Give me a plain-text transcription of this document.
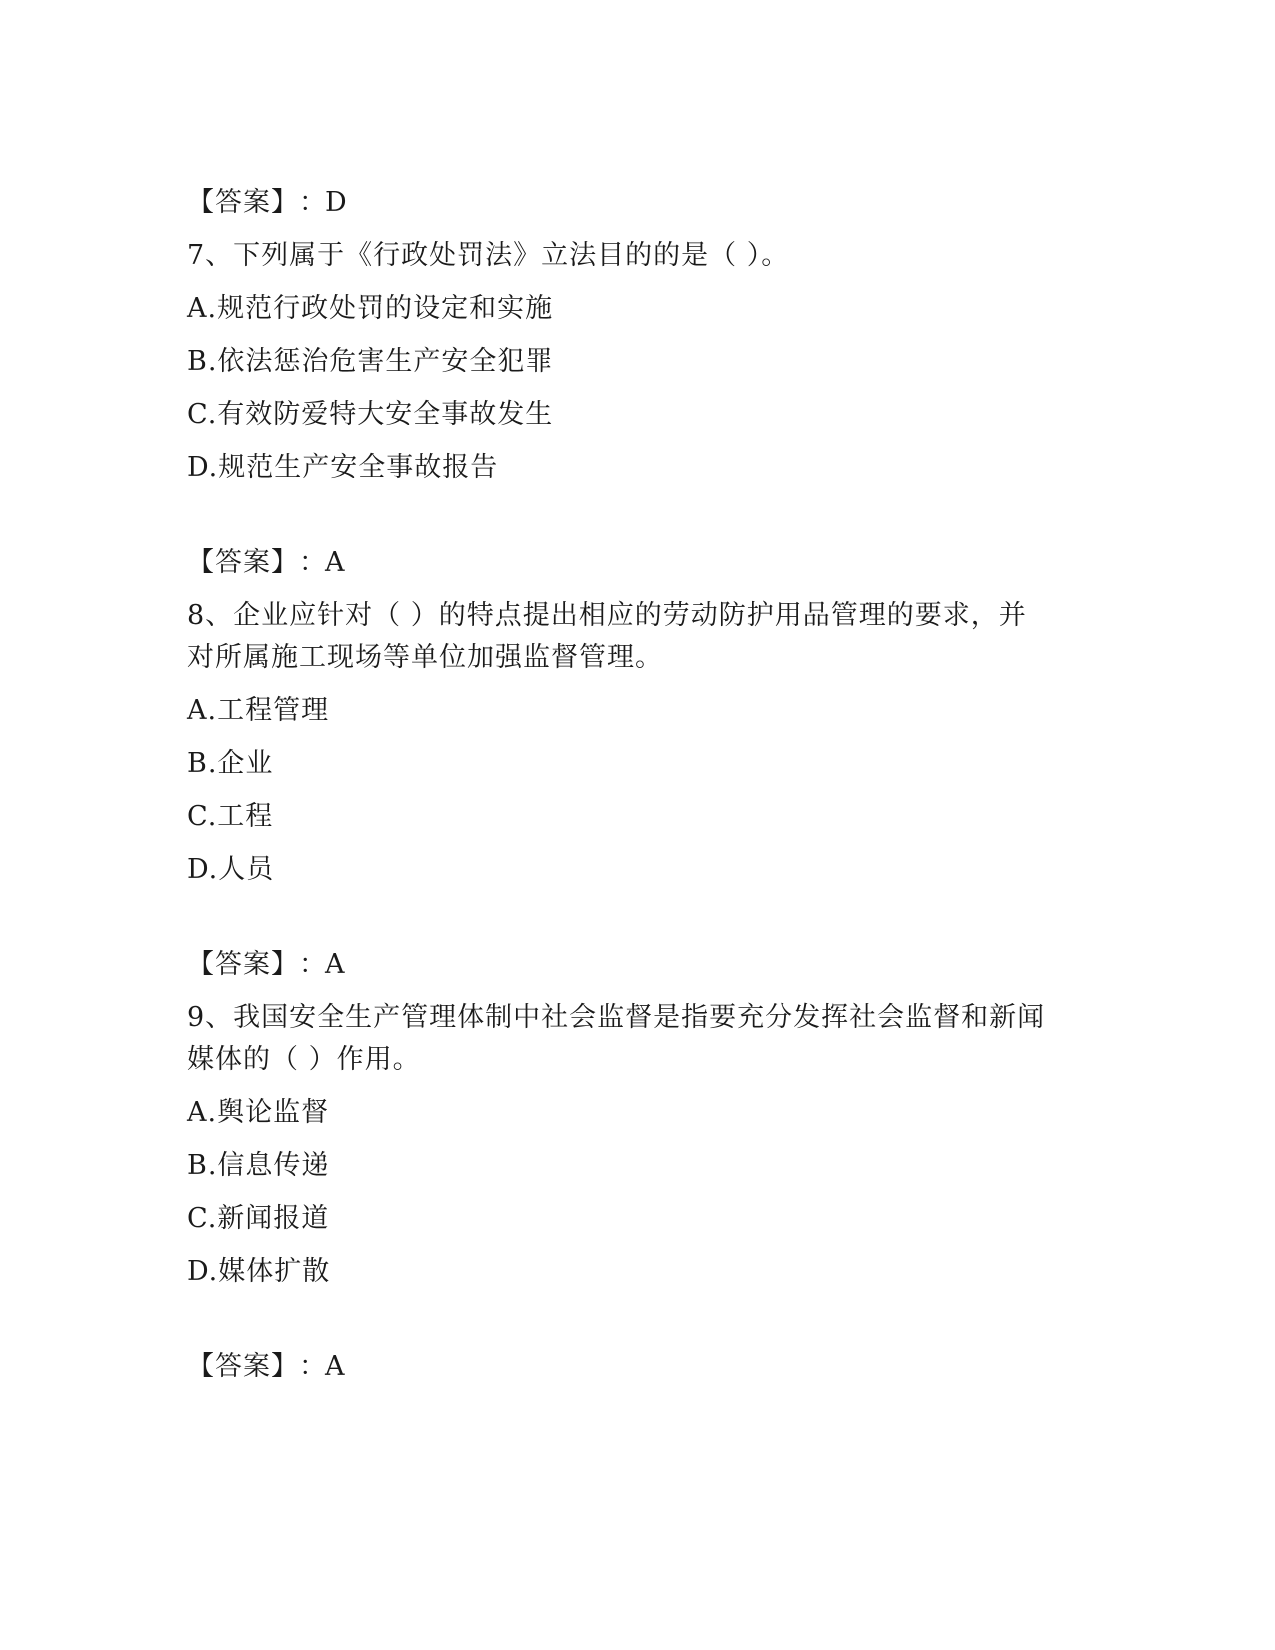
【答案】：D
7、下列属于《行政处罚法》立法目的的是（ ）。
A.规范行政处罚的设定和实施
B.依法惩治危害生产安全犯罪
C.有效防爱特大安全事故发生
D.规范生产安全事故报告
【答案】：A
8、企业应针对（ ）的特点提出相应的劳动防护用品管理的要求，并
对所属施工现场等单位加强监督管理。
A.工程管理
B.企业
C.工程
D.人员
【答案】：A
9、我国安全生产管理体制中社会监督是指要充分发挥社会监督和新闻
媒体的（ ）作用。
A.舆论监督
B.信息传递
C.新闻报道
D.媒体扩散
【答案】：A
